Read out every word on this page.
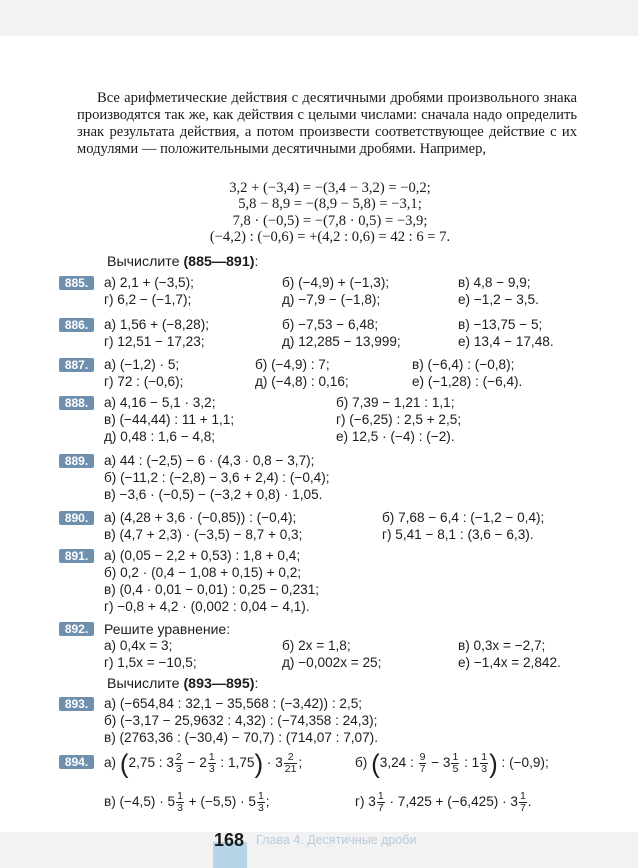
Все арифметические действия с десятичными дробями произвольного знака производятся так же, как действия с целыми числами: сначала надо определить знак результата действия, а потом произвести соответствующее действие с их модулями — положительными десятичными дробями. Например,

3,2 + (−3,4) = −(3,4 − 3,2) = −0,2;
5,8 − 8,9 = −(8,9 − 5,8) = −3,1;
7,8 · (−0,5) = −(7,8 · 0,5) = −3,9;
(−4,2) : (−0,6) = +(4,2 : 0,6) = 42 : 6 = 7.
Вычислите (885—891):
885.	а) 2,1 + (−3,5);	б) (−4,9) + (−1,3);	в) 4,8 − 9,9;
г) 6,2 − (−1,7);	д) −7,9 − (−1,8);	е) −1,2 − 3,5.
886.	а) 1,56 + (−8,28);	б) −7,53 − 6,48;	в) −13,75 − 5;
г) 12,51 − 17,23;	д) 12,285 − 13,999;	е) 13,4 − 17,48.
887.	а) (−1,2) · 5;	б) (−4,9) : 7;	в) (−6,4) : (−0,8);
г) 72 : (−0,6);	д) (−4,8) : 0,16;	е) (−1,28) : (−6,4).
888.	а) 4,16 − 5,1 · 3,2;	б) 7,39 − 1,21 : 1,1;
в) (−44,44) : 11 + 1,1;	г) (−6,25) : 2,5 + 2,5;
д) 0,48 : 1,6 − 4,8;	е) 12,5 · (−4) : (−2).
889.	а) 44 : (−2,5) − 6 · (4,3 · 0,8 − 3,7);
б) (−11,2 : (−2,8) − 3,6 + 2,4) : (−0,4);
в) −3,6 · (−0,5) − (−3,2 + 0,8) · 1,05.
890.	а) (4,28 + 3,6 · (−0,85)) : (−0,4);	б) 7,68 − 6,4 : (−1,2 − 0,4);
в) (4,7 + 2,3) · (−3,5) − 8,7 + 0,3;	г) 5,41 − 8,1 : (3,6 − 6,3).
891.	а) (0,05 − 2,2 + 0,53) : 1,8 + 0,4;
б) 0,2 · (0,4 − 1,08 + 0,15) + 0,2;
в) (0,4 · 0,01 − 0,01) : 0,25 − 0,231;
г) −0,8 + 4,2 · (0,002 : 0,04 − 4,1).
892.	Решите уравнение:
а) 0,4x = 3;	б) 2x = 1,8;	в) 0,3x = −2,7;
г) 1,5x = −10,5;	д) −0,002x = 25;	е) −1,4x = 2,842.
Вычислите (893—895):
893.	а) (−654,84 : 32,1 − 35,568 : (−3,42)) : 2,5;
б) (−3,17 − 25,9632 : 4,32) : (−74,358 : 24,3);
в) (2763,36 : (−30,4) − 70,7) : (714,07 : 7,07).
894.	а) (2,75 : $3 \frac{2}{3} - 2 \frac{1}{3}$ : $1,75) \cdot 3 \frac{2}{21}$ ;	б) (3,24 : $\frac{9}{7} - 3 \frac{1}{5}$ : $1 \frac{1}{3}$ ) : (−0,9);
в) $(-4,5) \cdot 5 \frac{1}{3} + (-5,5) \cdot 5 \frac{1}{3}$ ;	г) $3 \frac{1}{7} \cdot 7,425 + (-6,425) \cdot 3 \frac{1}{7}$ .
168 Глава 4. Десятичные дроби
